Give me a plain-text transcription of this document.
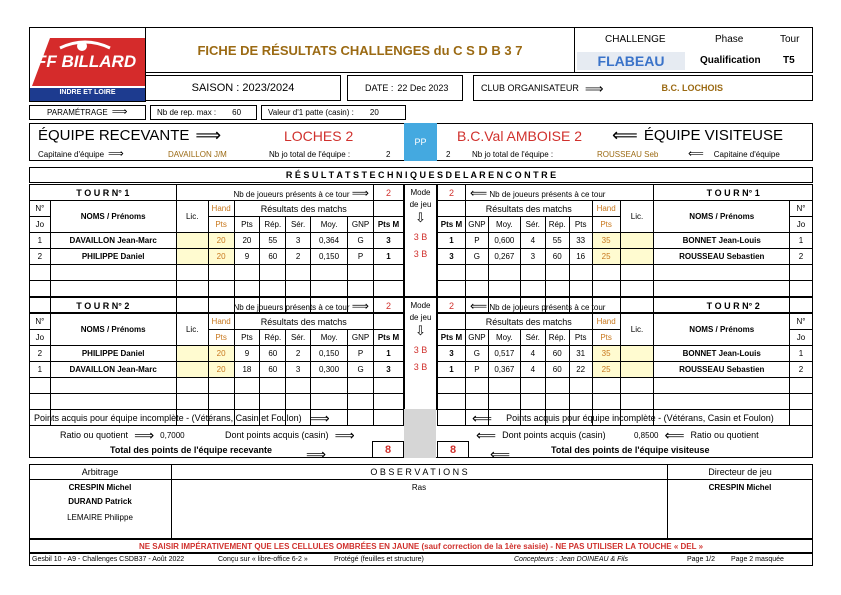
FF BILLARD
INDRE ET LOIRE
FICHE DE RÉSULTATS CHALLENGES du C S D B 3 7
CHALLENGE	Phase	Tour
FLABEAU	Qualification T5
SAISON : 2023/2024	DATE : 22 Dec 2023	CLUB ORGANISATEUR ⟹	B.C. LOCHOIS
PARAMÉTRAGE ⟹	Nb de rep. max : 60	Valeur d'1 patte (casin) : 20
ÉQUIPE RECEVANTE ⟹	LOCHES 2
Capitaine d'équipe ⟹	DAVAILLON J/M	Nb jo total de l'équipe :	2
PP	B.C.Val AMBOISE 2 ⟸ ÉQUIPE VISITEUSE
2	Nb jo total de l'équipe :	ROUSSEAU Seb	⟸ Capitaine d'équipe
R É S U L T A T S T E C H N I Q U E S D E L A R E N C O N T R E
T O U R N° 1		Nb de joueurs présents à ce tour ⟹							2
N°	NOMS / Prénoms	Lic.	Hand	Résultats des matchs					
Jo			Pts	Pts	Rép.	Sér.	Moy.	GNP	Pts M
1	DAVAILLON Jean-Marc		20	20	55	3	0,364	G	3
2	PHILIPPE Daniel		20	9	60	2	0,150	P	1

Mode
de jeu
⇩
3 B
3 B
2	⟸ Nb de joueurs présents à ce tour							T O U R N° 1	
	Résultats des matchs					Hand	Lic.	NOMS / Prénoms	N°
Pts M	GNP	Moy.	Sér.	Rép.	Pts	Pts			Jo
1	P	0,600	4	55	33	35		BONNET Jean-Louis	1
3	G	0,267	3	60	16	25		ROUSSEAU Sebastien	2

T O U R N° 2		Nb de joueurs présents à ce tour ⟹							2
N°	NOMS / Prénoms	Lic.	Hand	Résultats des matchs					
Jo			Pts	Pts	Rép.	Sér.	Moy.	GNP	Pts M
2	PHILIPPE Daniel		20	9	60	2	0,150	P	1
1	DAVAILLON Jean-Marc		20	18	60	3	0,300	G	3

Mode
de jeu
⇩
3 B
3 B
2	⟸ Nb de joueurs présents à ce tour							T O U R N° 2	
	Résultats des matchs					Hand	Lic.	NOMS / Prénoms	N°
Pts M	GNP	Moy.	Sér.	Rép.	Pts	Pts			Jo
3	G	0,517	4	60	31	35		BONNET Jean-Louis	1
1	P	0,367	4	60	22	25		ROUSSEAU Sebastien	2

Points acquis pour équipe incomplète - (Vétérans, Casin et Foulon) ⟹	⟸ Points acquis pour équipe incomplète - (Vétérans, Casin et Foulon)
Ratio ou quotient ⟹ 0,7000	Dont points acquis (casin) ⟹	⟸ Dont points acquis (casin)	0,8500 ⟸ Ratio ou quotient
Total des points de l'équipe recevante ⟹	8	8	⟸	Total des points de l'équipe visiteuse
Arbitrage
CRESPIN Michel
DURAND Patrick
LEMAIRE Philippe
O B S E R V A T I O N S
Ras
Directeur de jeu
CRESPIN Michel
NE SAISIR IMPÉRATIVEMENT QUE LES CELLULES OMBRÉES EN JAUNE (sauf correction de la 1ère saisie) - NE PAS UTILISER LA TOUCHE « DEL »
Gesbil 10 - A9 - Challenges CSDB37 - Août 2022	Conçu sur « libre-office 6-2 »	Protégé (feuilles et structure)	Concepteurs : Jean DOINEAU & Fils	Page 1/2 Page 2 masquée
